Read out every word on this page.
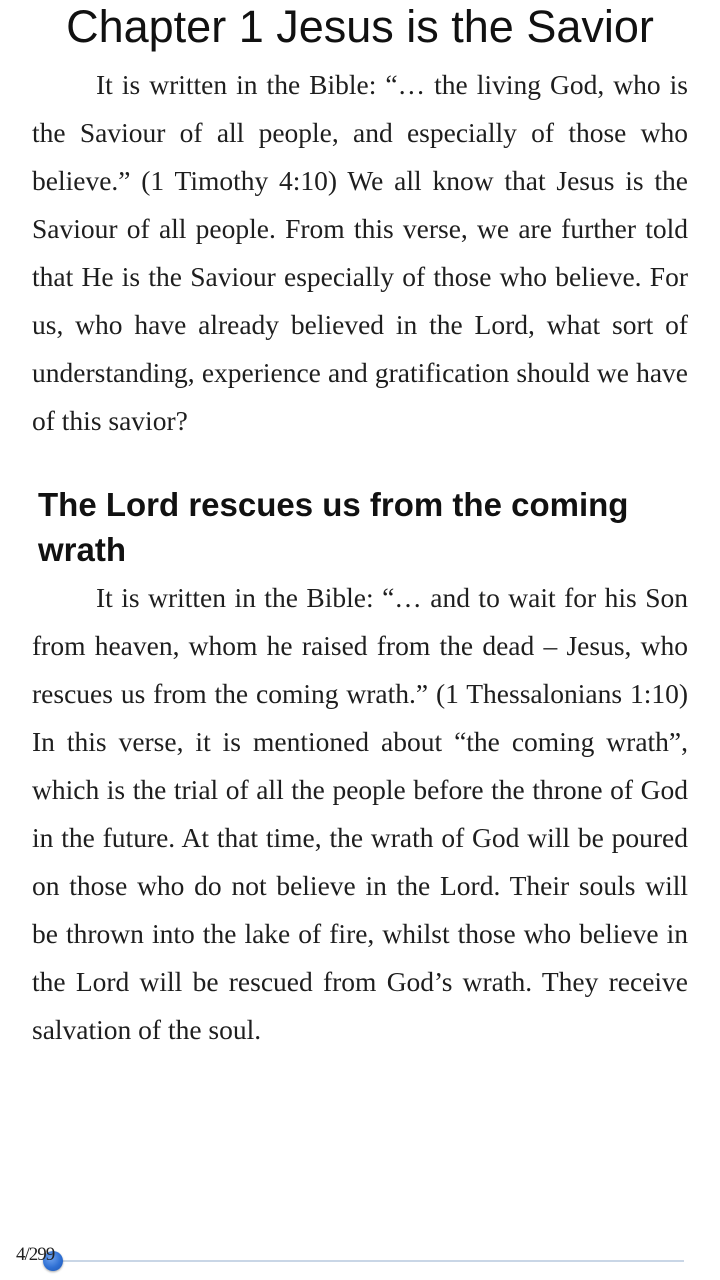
Chapter 1 Jesus is the Savior

It is written in the Bible: “… the living God, who is the Saviour of all people, and especially of those who believe.” (1 Timothy 4:10) We all know that Jesus is the Saviour of all people. From this verse, we are further told that He is the Saviour especially of those who believe. For us, who have already believed in the Lord, what sort of understanding, experience and gratification should we have of this savior?

The Lord rescues us from the coming wrath

It is written in the Bible: “… and to wait for his Son from heaven, whom he raised from the dead – Jesus, who rescues us from the coming wrath.” (1 Thessalonians 1:10) In this verse, it is mentioned about “the coming wrath”, which is the trial of all the people before the throne of God in the future. At that time, the wrath of God will be poured on those who do not believe in the Lord. Their souls will be thrown into the lake of fire, whilst those who believe in the Lord will be rescued from God’s wrath. They receive salvation of the soul.

4/299
